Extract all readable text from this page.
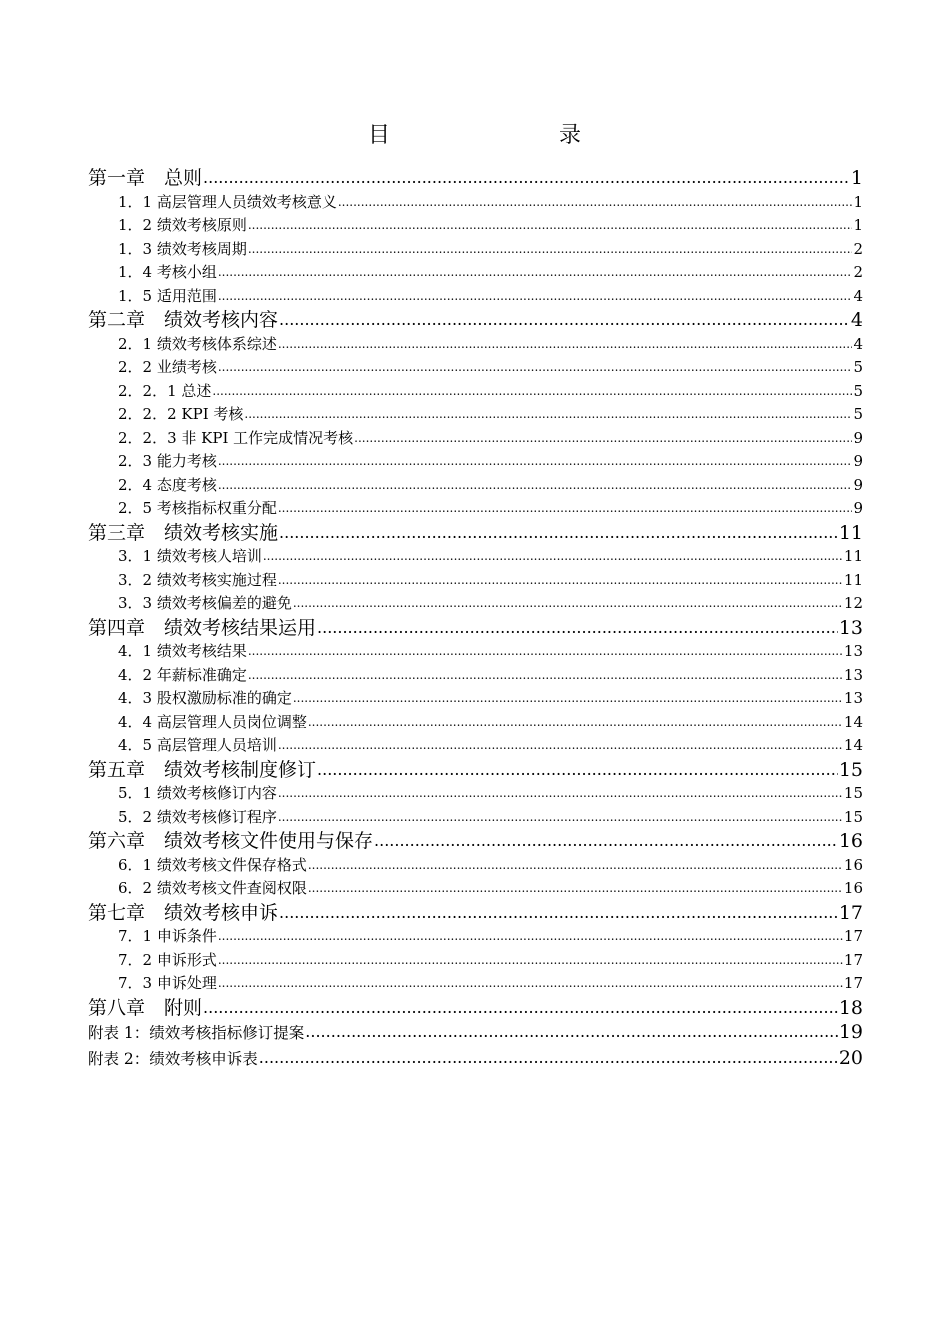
目	录
第一章　总则 .....	1
1．1 高层管理人员绩效考核意义 .....	1
1．2 绩效考核原则 .....	1
1．3 绩效考核周期 .....	2
1．4 考核小组 .....	2
1．5 适用范围 .....	4
第二章　绩效考核内容 .....	4
2．1 绩效考核体系综述 .....	4
2．2 业绩考核 .....	5
2．2．1 总述 .....	5
2．2．2 KPI 考核 .....	5
2．2．3 非 KPI 工作完成情况考核 .....	9
2．3 能力考核 .....	9
2．4 态度考核 .....	9
2．5 考核指标权重分配 .....	9
第三章　绩效考核实施 .....	11
3．1 绩效考核人培训 .....	11
3．2 绩效考核实施过程 .....	11
3．3 绩效考核偏差的避免 .....	12
第四章　绩效考核结果运用 .....	13
4．1 绩效考核结果 .....	13
4．2 年薪标准确定 .....	13
4．3 股权激励标准的确定 .....	13
4．4 高层管理人员岗位调整 .....	14
4．5 高层管理人员培训 .....	14
第五章　绩效考核制度修订 .....	15
5．1 绩效考核修订内容 .....	15
5．2 绩效考核修订程序 .....	15
第六章　绩效考核文件使用与保存 .....	16
6．1 绩效考核文件保存格式 .....	16
6．2 绩效考核文件查阅权限 .....	16
第七章　绩效考核申诉 .....	17
7．1 申诉条件 .....	17
7．2 申诉形式 .....	17
7．3 申诉处理 .....	17
第八章　附则 .....	18
附表 1：绩效考核指标修订提案 .....	19
附表 2：绩效考核申诉表 .....	20
